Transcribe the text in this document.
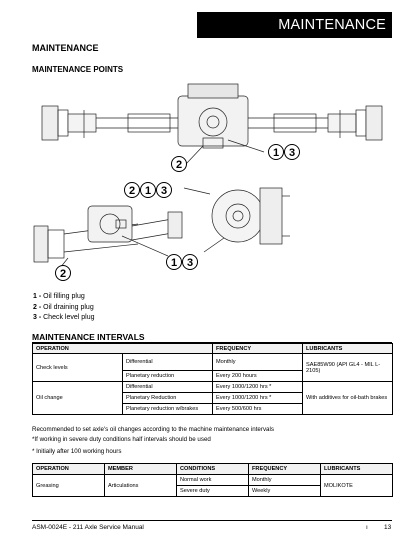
MAINTENANCE
MAINTENANCE
MAINTENANCE POINTS
2
1 3
2 1 3
1 3
2
1 - Oil filling plug
2 - Oil draining plug
3 - Check level plug
MAINTENANCE INTERVALS
OPERATION		FREQUENCY	LUBRICANTS
Check levels	Differential	Monthly	SAE85W90 (API GL4 - MIL L-2105)
	Planetary reduction	Every 200 hours	
Oil change	Differential	Every 1000/1200 hrs *	With additives for oil-bath brakes
	Planetary Reduction	Every 1000/1200 hrs *	
	Planetary reduction w/brakes	Every 500/600 hrs	
Recommended to set axle's oil changes according to the machine maintenance intervals
*If working in severe duty conditions half intervals should be used
* Initially after 100 working hours
OPERATION	MEMBER	CONDITIONS	FREQUENCY	LUBRICANTS
Greasing	Articulations	Normal work	Monthly	MOLIKOTE
		Severe duty	Weekly	
ASM-0024E - 211 Axle Service Manual	ı 13
